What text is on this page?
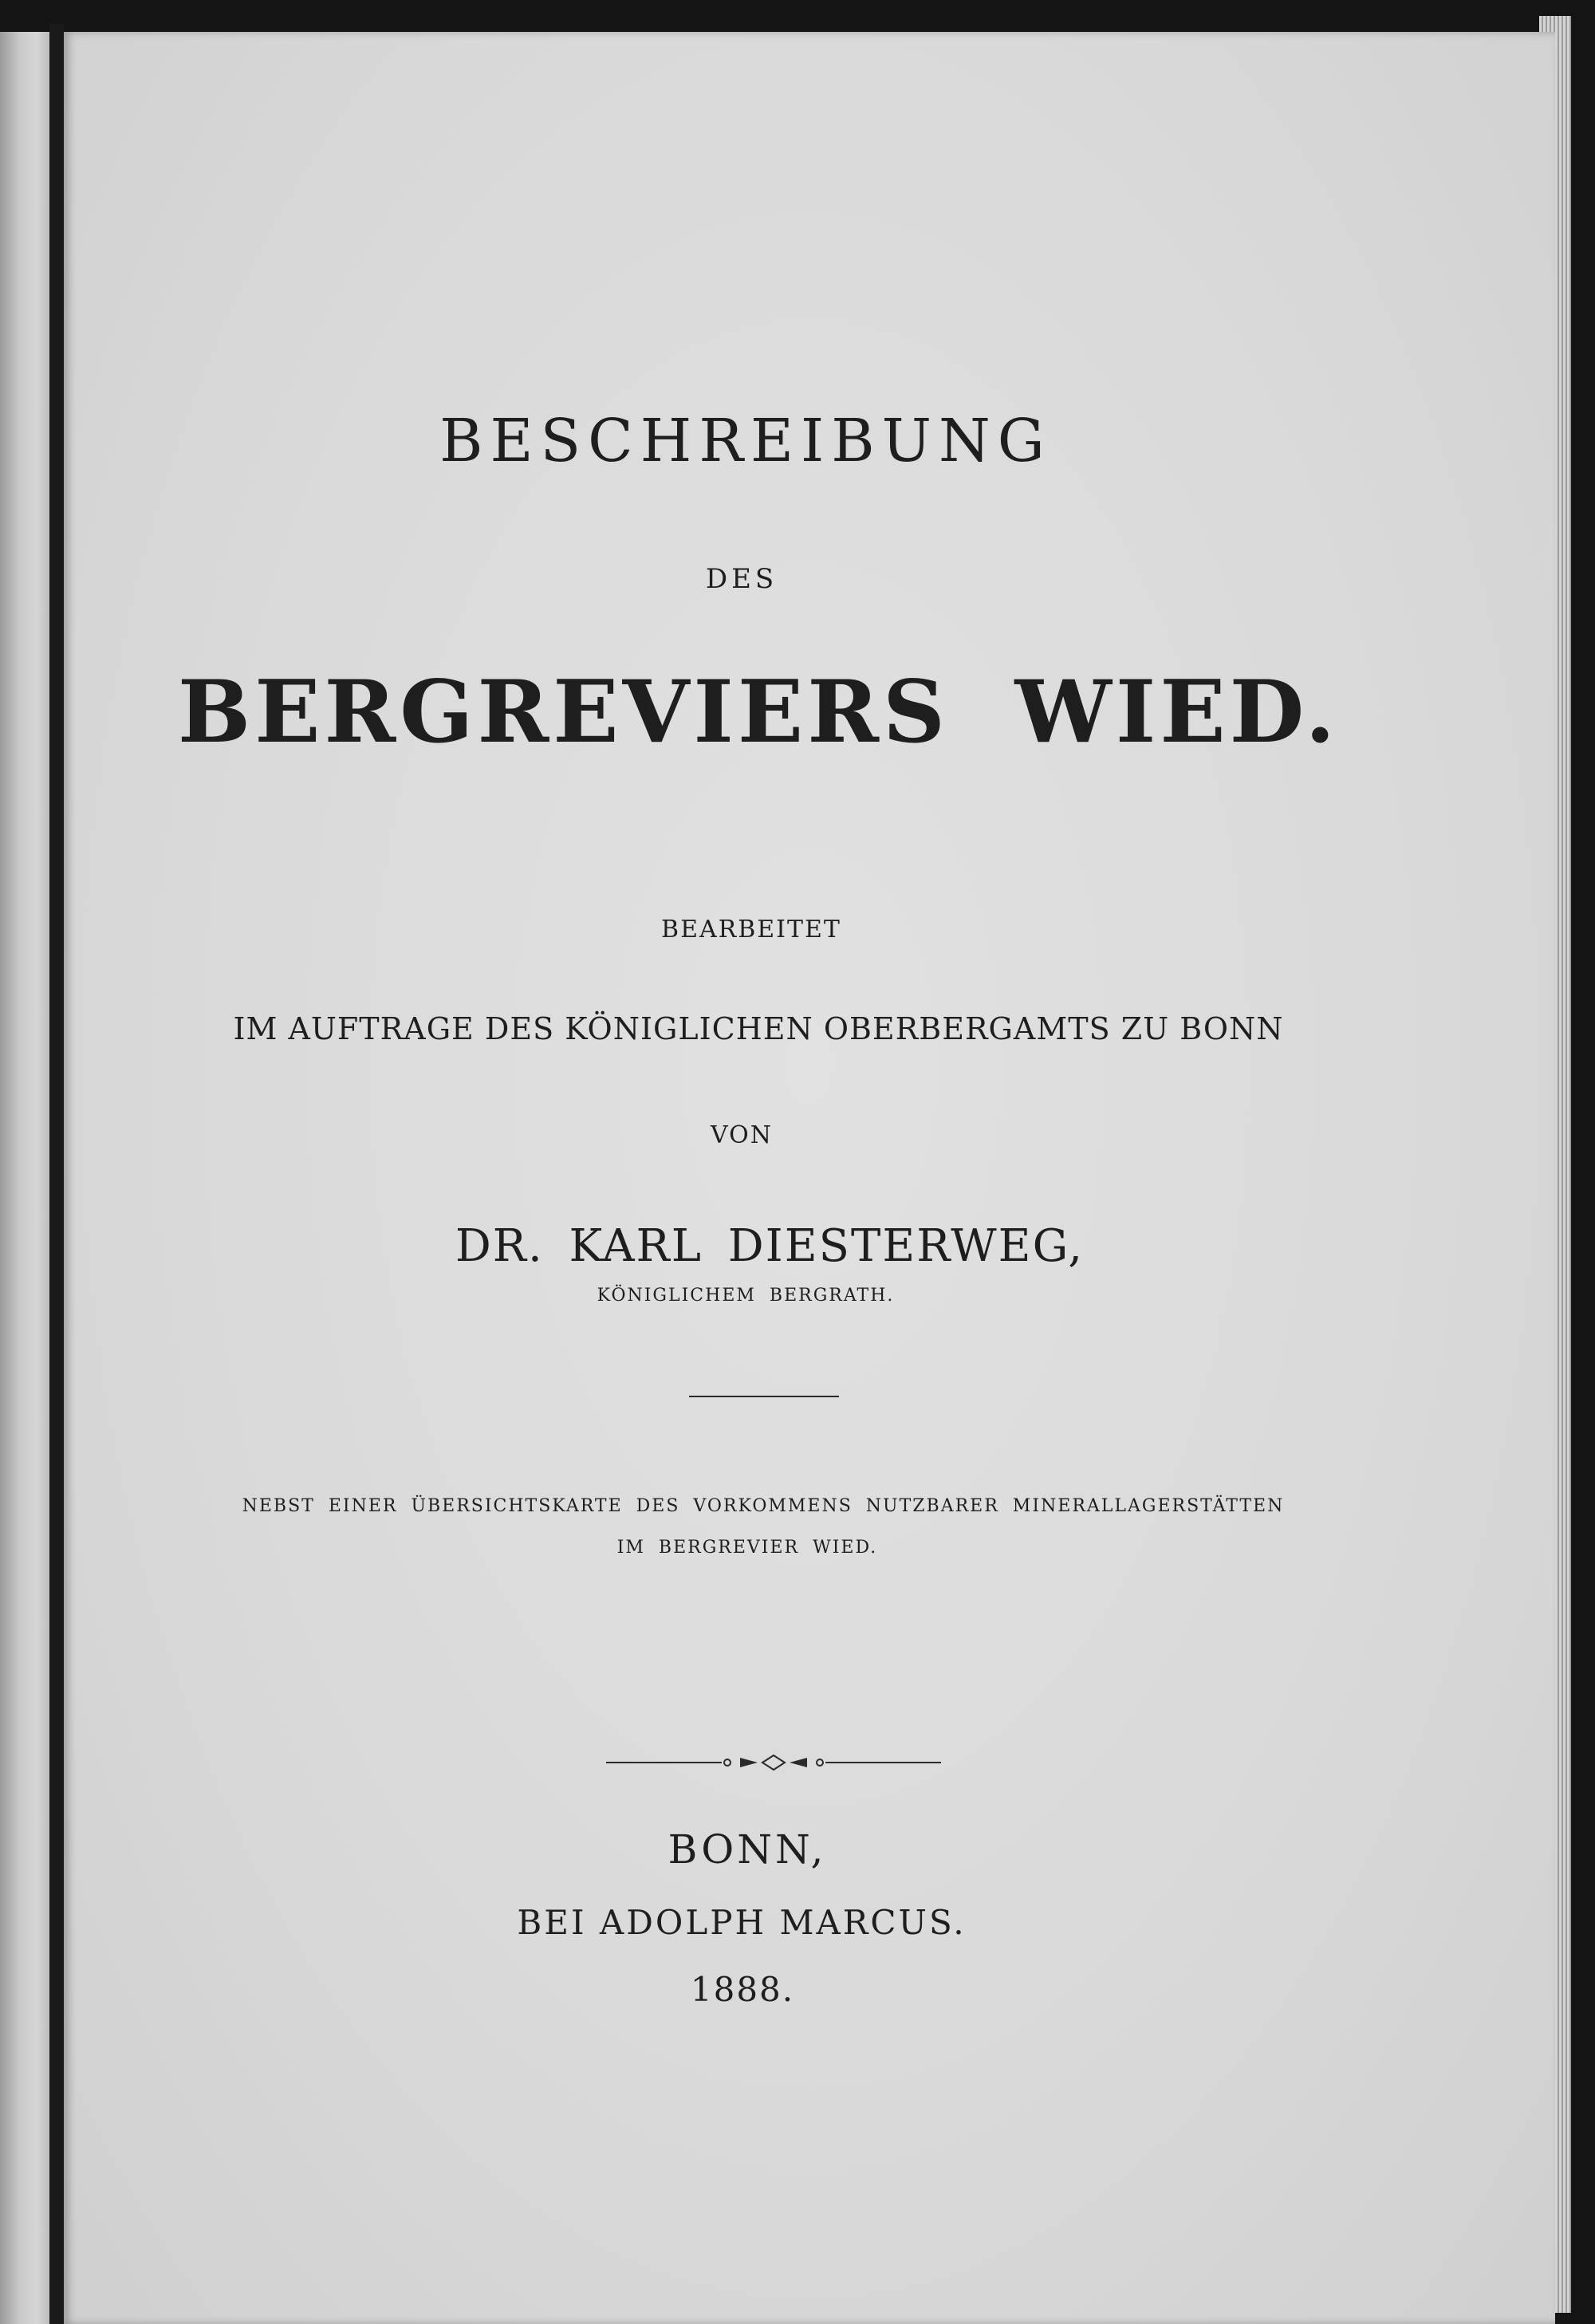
BESCHREIBUNG

DES

BERGREVIERS WIED.

BEARBEITET

IM AUFTRAGE DES KÖNIGLICHEN OBERBERGAMTS ZU BONN

VON

DR. KARL DIESTERWEG,

KÖNIGLICHEM BERGRATH.

NEBST EINER ÜBERSICHTSKARTE DES VORKOMMENS NUTZBARER MINERALLAGERSTÄTTEN

IM BERGREVIER WIED.

BONN,

BEI ADOLPH MARCUS.

1888.
